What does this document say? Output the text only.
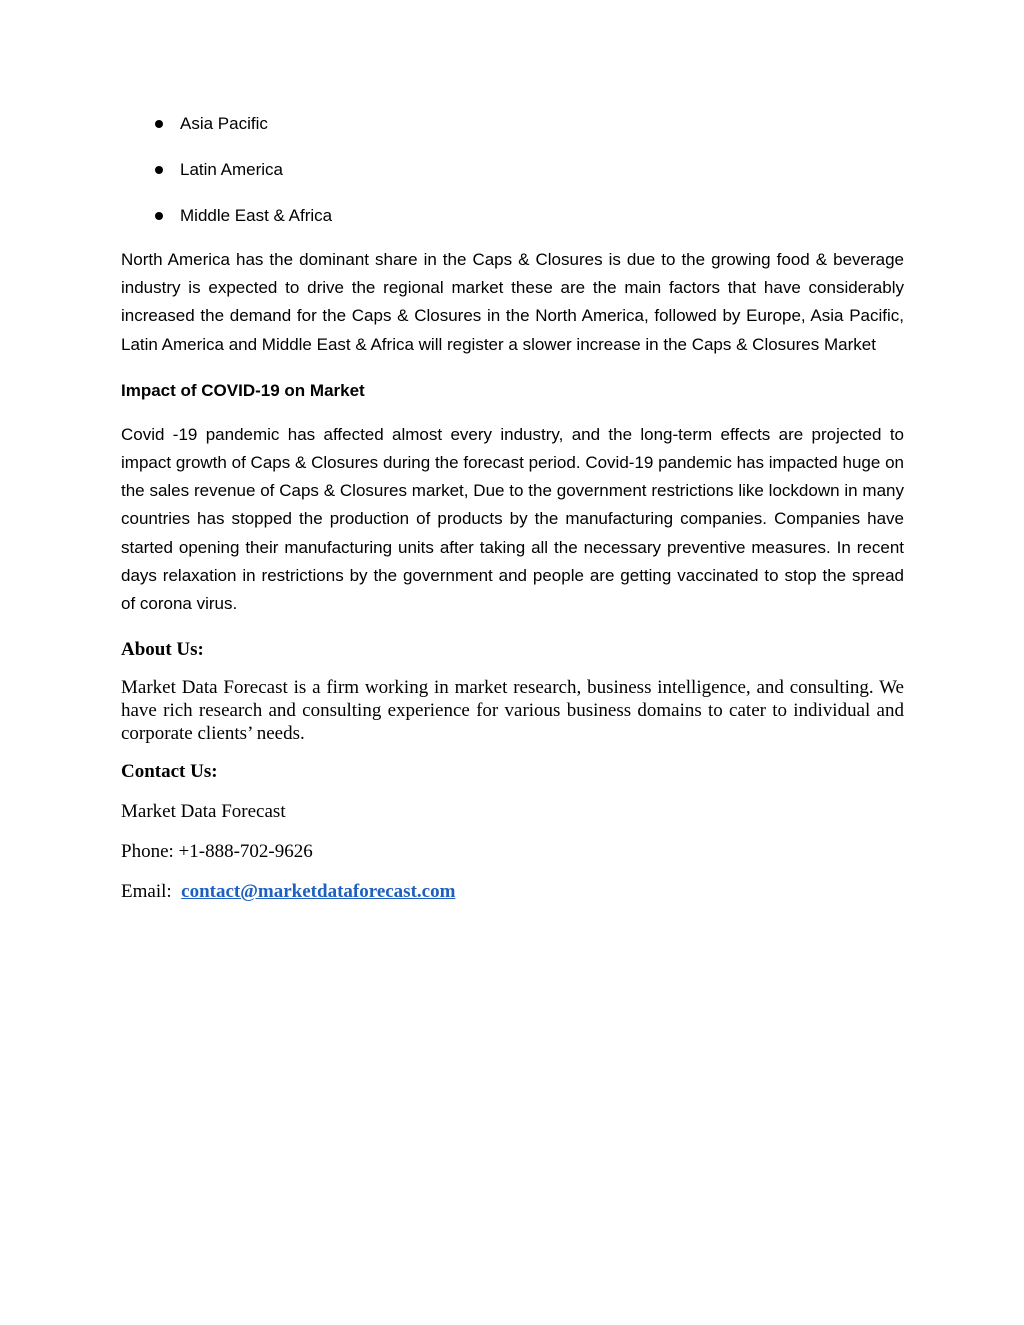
Asia Pacific
Latin America
Middle East & Africa

North America has the dominant share in the Caps & Closures is due to the growing food & beverage industry is expected to drive the regional market these are the main factors that have considerably increased the demand for the Caps & Closures in the North America, followed by Europe, Asia Pacific, Latin America and Middle East & Africa will register a slower increase in the Caps & Closures Market

Impact of COVID-19 on Market

Covid -19 pandemic has affected almost every industry, and the long-term effects are projected to impact growth of Caps & Closures during the forecast period. Covid-19 pandemic has impacted huge on the sales revenue of Caps & Closures market, Due to the government restrictions like lockdown in many countries has stopped the production of products by the manufacturing companies. Companies have started opening their manufacturing units after taking all the necessary preventive measures. In recent days relaxation in restrictions by the government and people are getting vaccinated to stop the spread of corona virus.

About Us:

Market Data Forecast is a firm working in market research, business intelligence, and consulting. We have rich research and consulting experience for various business domains to cater to individual and corporate clients’ needs.

Contact Us:

Market Data Forecast

Phone: +1-888-702-9626

Email: contact@marketdataforecast.com
